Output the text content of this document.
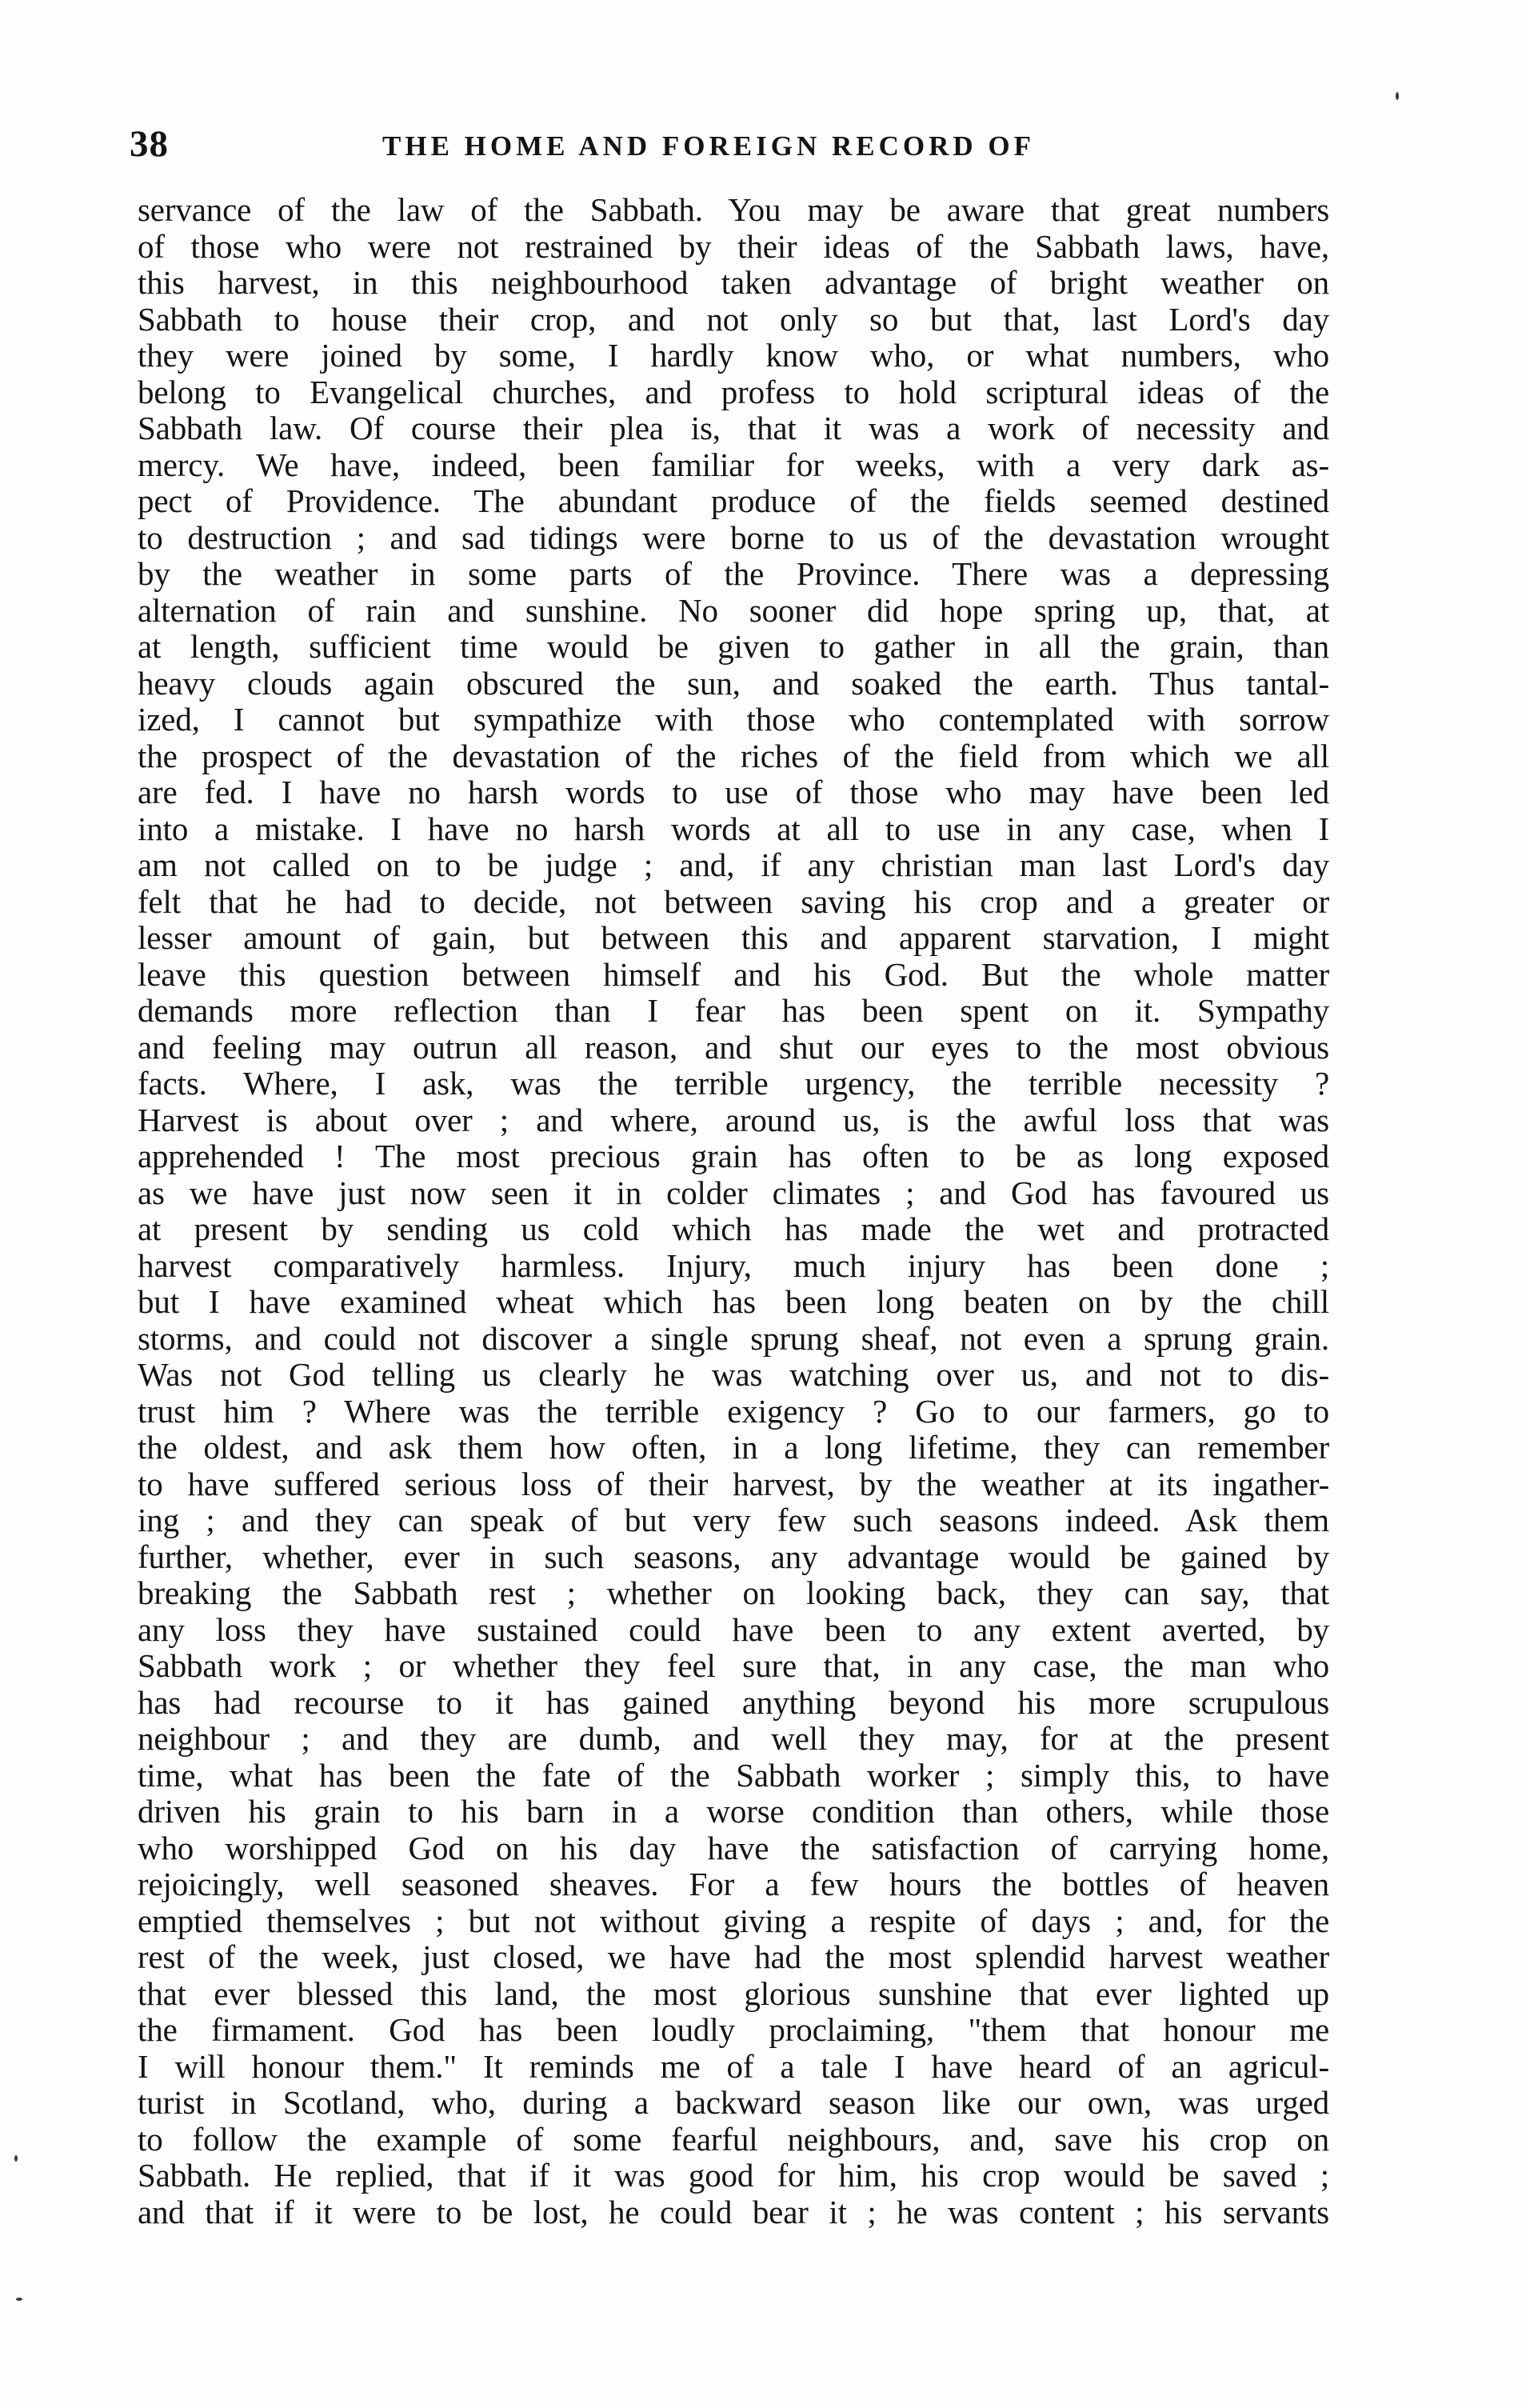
38	THE HOME AND FOREIGN RECORD OF
servance of the law of the Sabbath. You may be aware that great numbers
of those who were not restrained by their ideas of the Sabbath laws, have,
this harvest, in this neighbourhood taken advantage of bright weather on
Sabbath to house their crop, and not only so but that, last Lord's day
they were joined by some, I hardly know who, or what numbers, who
belong to Evangelical churches, and profess to hold scriptural ideas of the
Sabbath law. Of course their plea is, that it was a work of necessity and
mercy. We have, indeed, been familiar for weeks, with a very dark as-
pect of Providence. The abundant produce of the fields seemed destined
to destruction ; and sad tidings were borne to us of the devastation wrought
by the weather in some parts of the Province. There was a depressing
alternation of rain and sunshine. No sooner did hope spring up, that, at
at length, sufficient time would be given to gather in all the grain, than
heavy clouds again obscured the sun, and soaked the earth. Thus tantal-
ized, I cannot but sympathize with those who contemplated with sorrow
the prospect of the devastation of the riches of the field from which we all
are fed. I have no harsh words to use of those who may have been led
into a mistake. I have no harsh words at all to use in any case, when I
am not called on to be judge ; and, if any christian man last Lord's day
felt that he had to decide, not between saving his crop and a greater or
lesser amount of gain, but between this and apparent starvation, I might
leave this question between himself and his God. But the whole matter
demands more reflection than I fear has been spent on it. Sympathy
and feeling may outrun all reason, and shut our eyes to the most obvious
facts. Where, I ask, was the terrible urgency, the terrible necessity ?
Harvest is about over ; and where, around us, is the awful loss that was
apprehended ! The most precious grain has often to be as long exposed
as we have just now seen it in colder climates ; and God has favoured us
at present by sending us cold which has made the wet and protracted
harvest comparatively harmless. Injury, much injury has been done ;
but I have examined wheat which has been long beaten on by the chill
storms, and could not discover a single sprung sheaf, not even a sprung grain.
Was not God telling us clearly he was watching over us, and not to dis-
trust him ? Where was the terrible exigency ? Go to our farmers, go to
the oldest, and ask them how often, in a long lifetime, they can remember
to have suffered serious loss of their harvest, by the weather at its ingather-
ing ; and they can speak of but very few such seasons indeed. Ask them
further, whether, ever in such seasons, any advantage would be gained by
breaking the Sabbath rest ; whether on looking back, they can say, that
any loss they have sustained could have been to any extent averted, by
Sabbath work ; or whether they feel sure that, in any case, the man who
has had recourse to it has gained anything beyond his more scrupulous
neighbour ; and they are dumb, and well they may, for at the present
time, what has been the fate of the Sabbath worker ; simply this, to have
driven his grain to his barn in a worse condition than others, while those
who worshipped God on his day have the satisfaction of carrying home,
rejoicingly, well seasoned sheaves. For a few hours the bottles of heaven
emptied themselves ; but not without giving a respite of days ; and, for the
rest of the week, just closed, we have had the most splendid harvest weather
that ever blessed this land, the most glorious sunshine that ever lighted up
the firmament. God has been loudly proclaiming, "them that honour me
I will honour them." It reminds me of a tale I have heard of an agricul-
turist in Scotland, who, during a backward season like our own, was urged
to follow the example of some fearful neighbours, and, save his crop on
Sabbath. He replied, that if it was good for him, his crop would be saved ;
and that if it were to be lost, he could bear it ; he was content ; his servants
